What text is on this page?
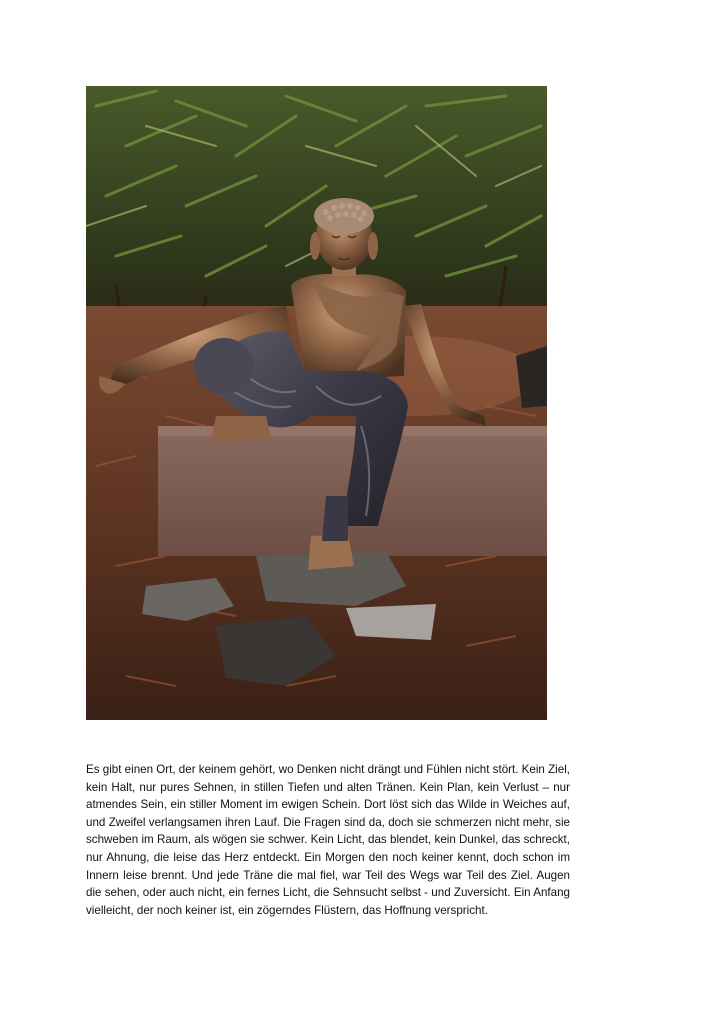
Es gibt einen Ort, der keinem gehört, wo Denken nicht drängt und Fühlen nicht stört. Kein Ziel, kein Halt, nur pures Sehnen, in stillen Tiefen und alten Tränen. Kein Plan, kein Verlust – nur atmendes Sein, ein stiller Moment im ewigen Schein. Dort löst sich das Wilde in Weiches auf, und Zweifel verlangsamen ihren Lauf. Die Fragen sind da, doch sie schmerzen nicht mehr, sie schweben im Raum, als wögen sie schwer. Kein Licht, das blendet, kein Dunkel, das schreckt, nur Ahnung, die leise das Herz entdeckt. Ein Morgen den noch keiner kennt, doch schon im Innern leise brennt. Und jede Träne die mal fiel, war Teil des Wegs war Teil des Ziel. Augen die sehen, oder auch nicht, ein fernes Licht, die Sehnsucht selbst - und Zuversicht. Ein Anfang vielleicht, der noch keiner ist, ein zögerndes Flüstern, das Hoffnung verspricht.
